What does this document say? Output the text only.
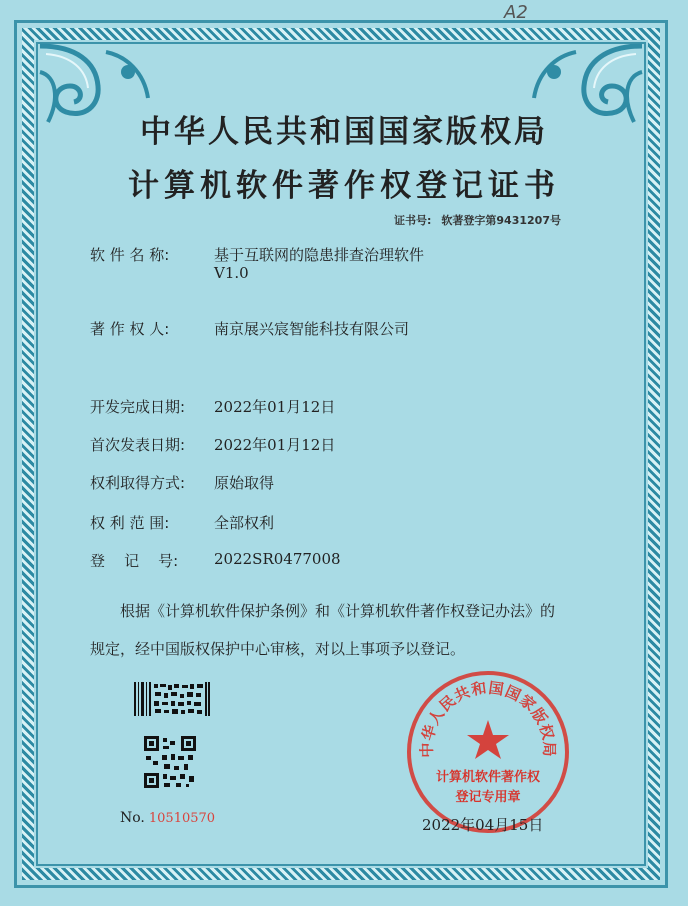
A2
中华人民共和国国家版权局
计算机软件著作权登记证书
证书号: 软著登字第9431207号
软 件 名 称:	基于互联网的隐患排查治理软件
V1.0
著 作 权 人:	南京展兴宸智能科技有限公司
开发完成日期:	2022年01月12日
首次发表日期:	2022年01月12日
权利取得方式:	原始取得
权 利 范 围:	全部权利
登    记    号:	2022SR0477008
根据《计算机软件保护条例》和《计算机软件著作权登记办法》的
规定，经中国版权保护中心审核，对以上事项予以登记。
No. 10510570
中华人民共和国国家版权局
计算机软件著作权
登记专用章
2022年04月15日
